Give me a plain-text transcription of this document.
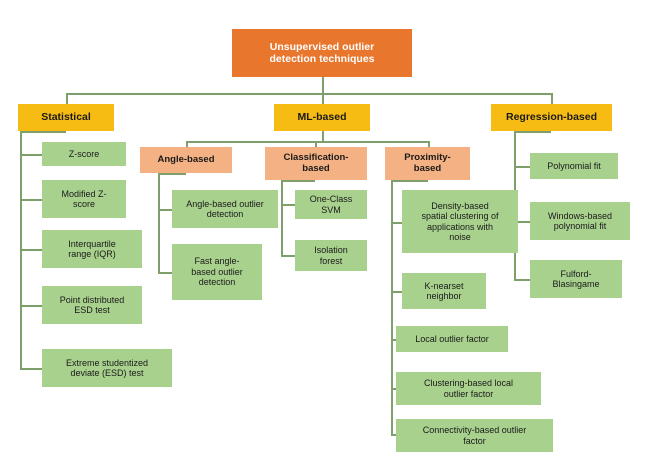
Unsupervised outlier
detection techniques
Statistical	ML-based	Regression-based
Angle-based	Classification-
based
Proximity-
based
Z-score
Modified Z-
score
Interquartile
range (IQR)
Point distributed
ESD test
Extreme studentized
deviate (ESD) test
Angle-based outlier
detection
Fast angle-
based outlier
detection
One-Class
SVM
Isolation
forest
Density-based
spatial clustering of
applications with
noise
K-nearset
neighbor
Local outlier factor
Clustering-based local
outlier factor
Connectivity-based outlier
factor
Polynomial fit
Windows-based
polynomial fit
Fulford-
Blasingame
